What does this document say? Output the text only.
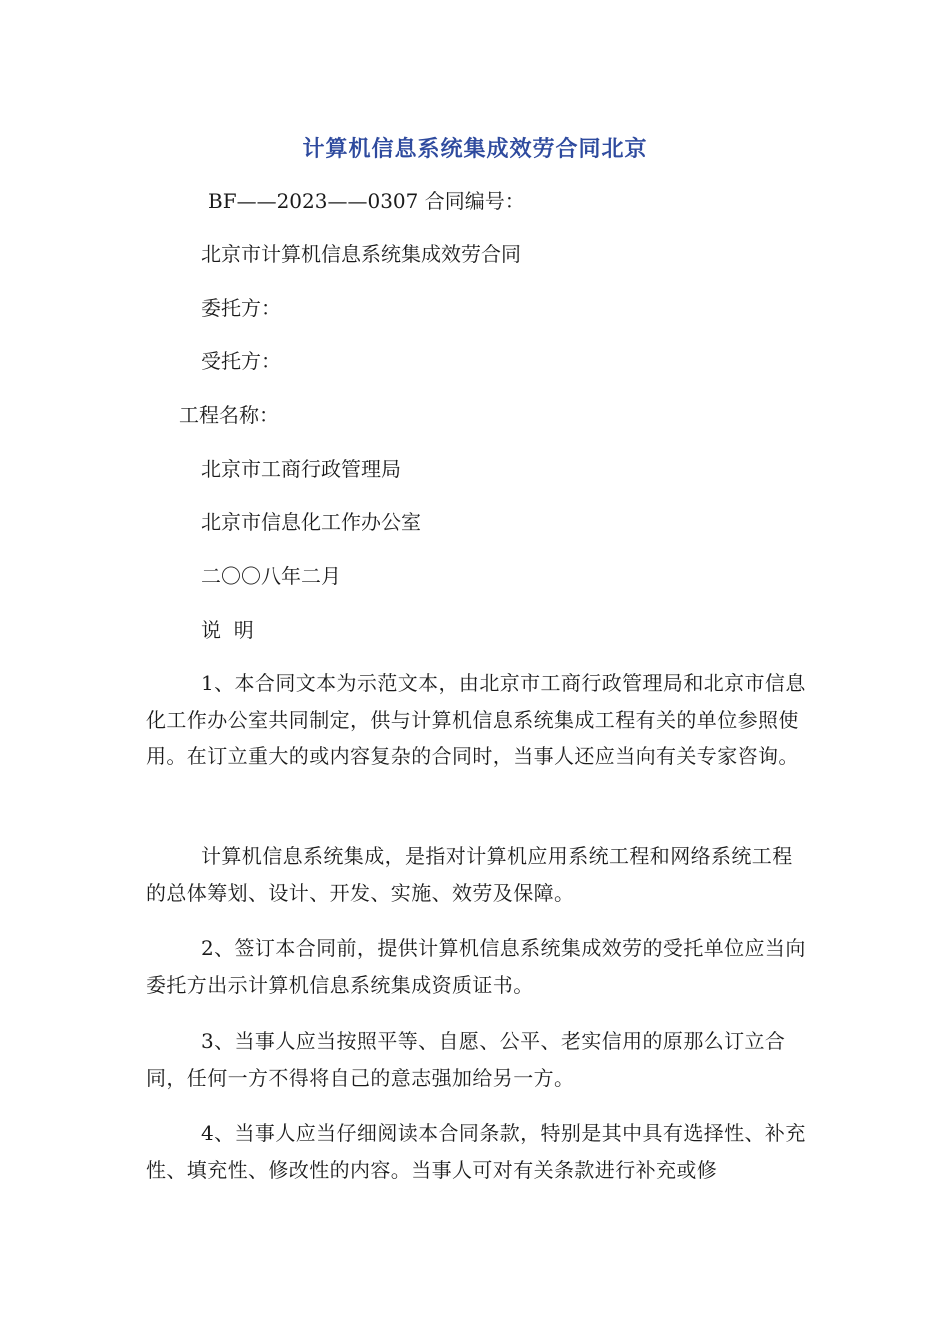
计算机信息系统集成效劳合同北京
BF——2023——0307 合同编号：
北京市计算机信息系统集成效劳合同
委托方：
受托方：
工程名称：
北京市工商行政管理局
北京市信息化工作办公室
二〇〇八年二月
说  明
1、本合同文本为示范文本，由北京市工商行政管理局和北京市信息化工作办公室共同制定，供与计算机信息系统集成工程有关的单位参照使用。在订立重大的或内容复杂的合同时，当事人还应当向有关专家咨询。
计算机信息系统集成，是指对计算机应用系统工程和网络系统工程的总体筹划、设计、开发、实施、效劳及保障。
2、签订本合同前，提供计算机信息系统集成效劳的受托单位应当向委托方出示计算机信息系统集成资质证书。
3、当事人应当按照平等、自愿、公平、老实信用的原那么订立合同，任何一方不得将自己的意志强加给另一方。
4、当事人应当仔细阅读本合同条款，特别是其中具有选择性、补充性、填充性、修改性的内容。当事人可对有关条款进行补充或修
